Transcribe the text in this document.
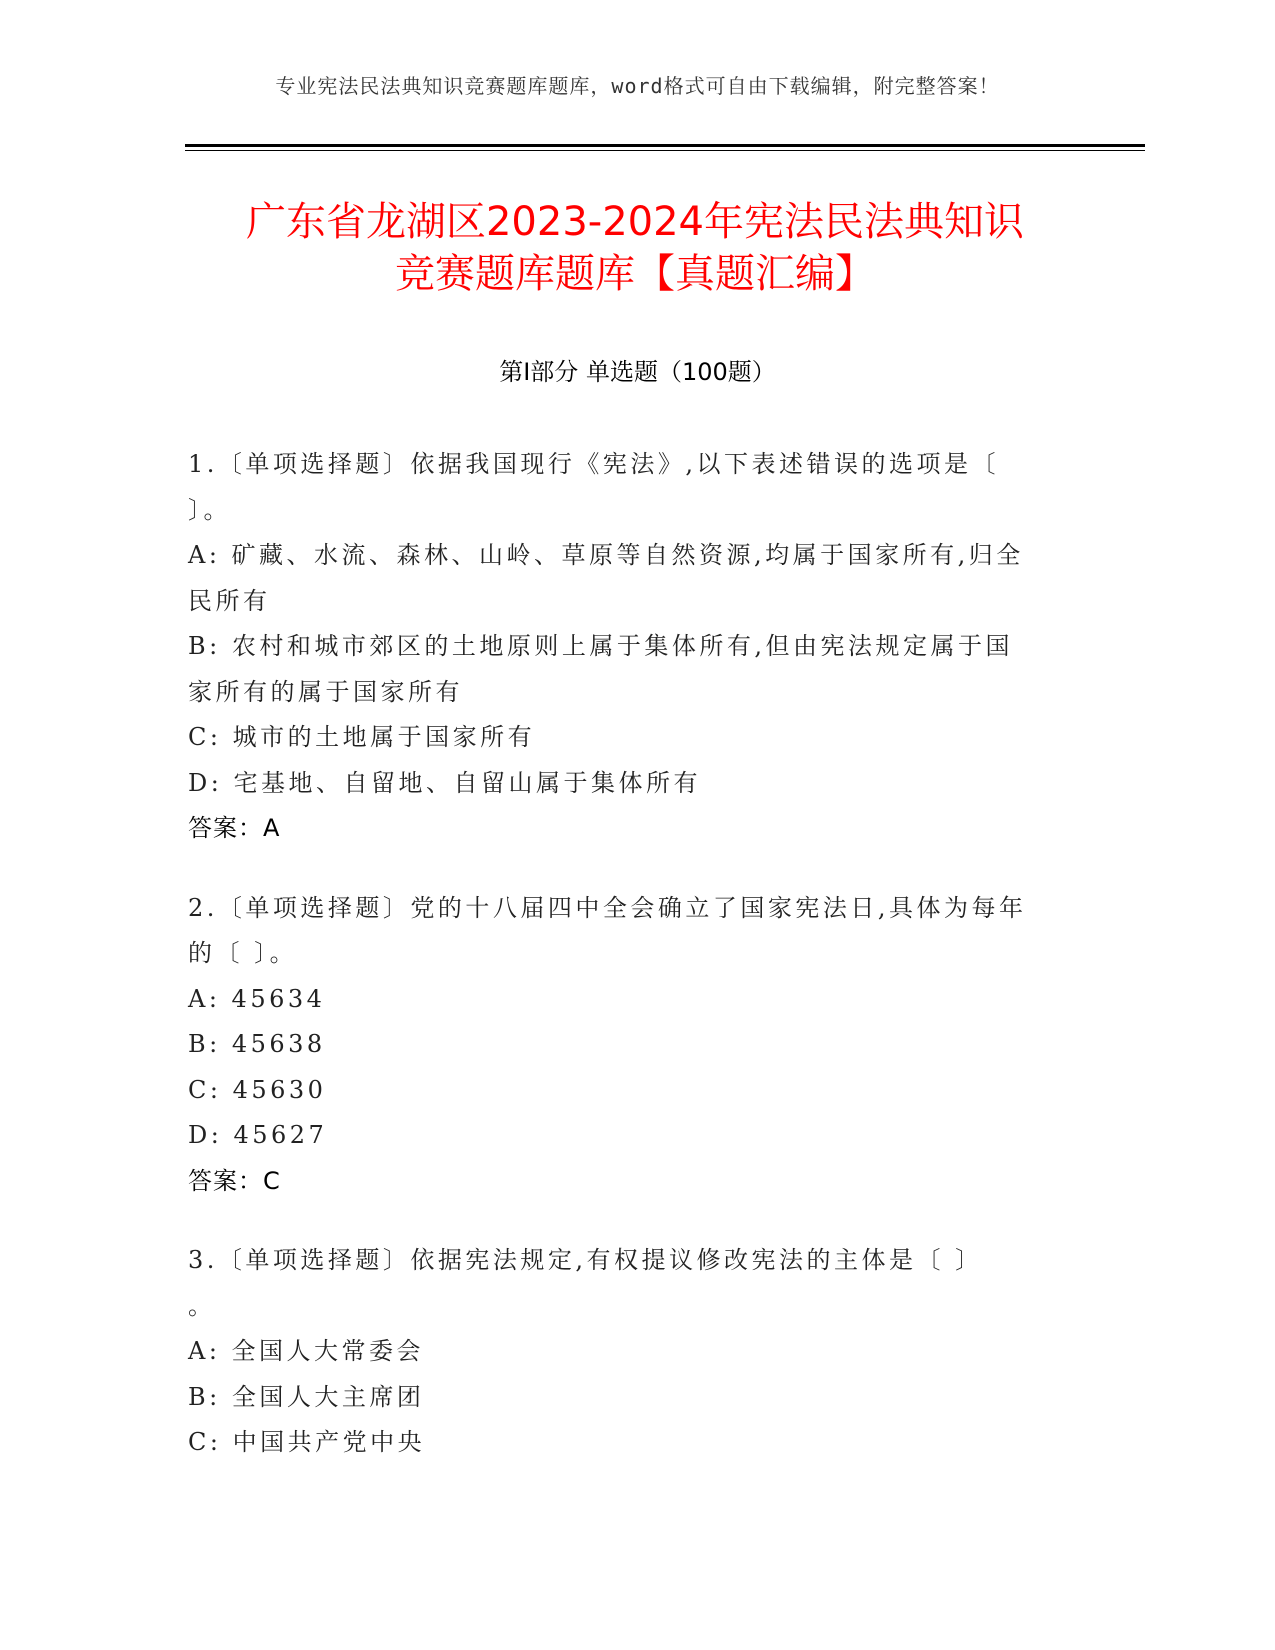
专业宪法民法典知识竞赛题库题库，word格式可自由下载编辑，附完整答案！
广东省龙湖区2023-2024年宪法民法典知识
竞赛题库题库【真题汇编】
第Ⅰ部分 单选题（100题）
1.〔单项选择题〕依据我国现行《宪法》,以下表述错误的选项是〔
〕。
A: 矿藏、水流、森林、山岭、草原等自然资源,均属于国家所有,归全
民所有
B: 农村和城市郊区的土地原则上属于集体所有,但由宪法规定属于国
家所有的属于国家所有
C: 城市的土地属于国家所有
D: 宅基地、自留地、自留山属于集体所有
答案：A
2.〔单项选择题〕党的十八届四中全会确立了国家宪法日,具体为每年
的〔 〕。
A: 45634
B: 45638
C: 45630
D: 45627
答案：C
3.〔单项选择题〕依据宪法规定,有权提议修改宪法的主体是〔 〕
。
A: 全国人大常委会
B: 全国人大主席团
C: 中国共产党中央
